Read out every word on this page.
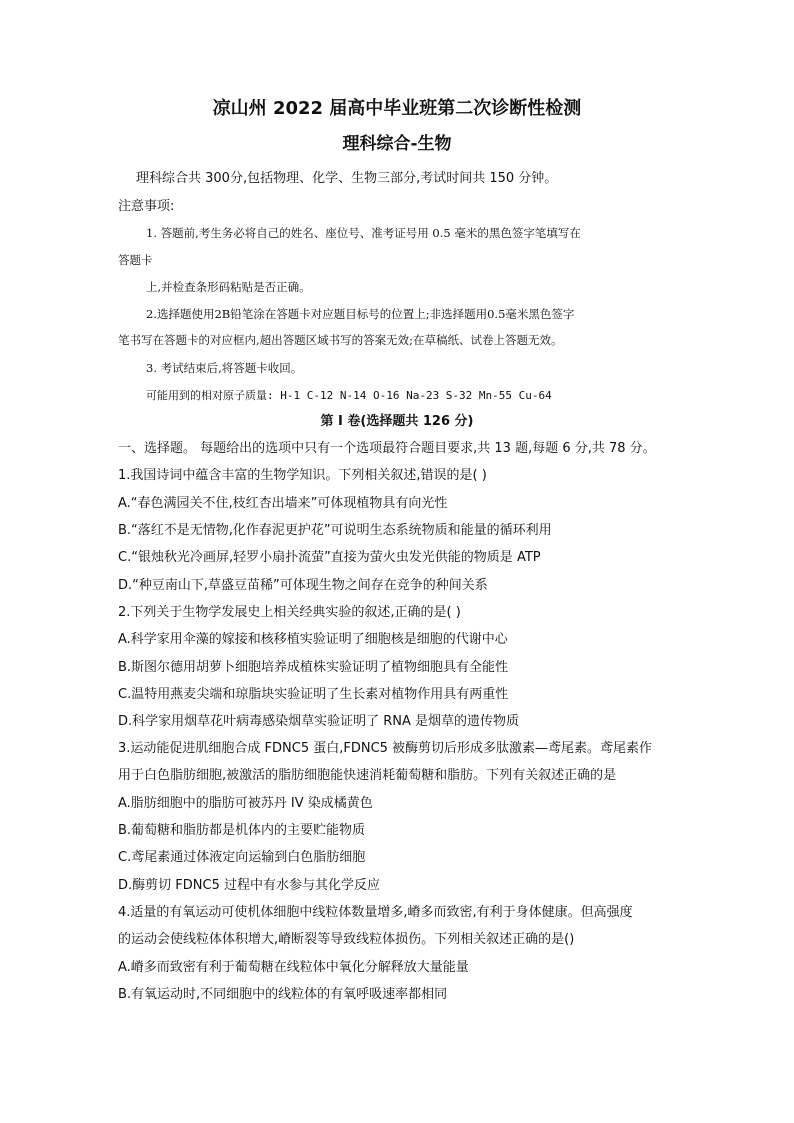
凉山州 2022 届高中毕业班第二次诊断性检测
理科综合-生物
理科综合共 300分,包括物理、化学、生物三部分,考试时间共 150 分钟。
注意事项:
1. 答题前,考生务必将自己的姓名、座位号、准考证号用 0.5 毫米的黑色签字笔填写在
答题卡
上,并检查条形码粘贴是否正确。
2.选择题使用2B铅笔涂在答题卡对应题目标号的位置上;非选择题用0.5毫米黑色签字
笔书写在答题卡的对应框内,超出答题区域书写的答案无效;在草稿纸、试卷上答题无效。
3. 考试结束后,将答题卡收回。
可能用到的相对原子质量: H-1 C-12 N-14 O-16 Na-23 S-32 Mn-55 Cu-64
第 I 卷(选择题共 126 分)
一、选择题。 每题给出的选项中只有一个选项最符合题目要求,共 13 题,每题 6 分,共 78 分。
1.我国诗词中蕴含丰富的生物学知识。下列相关叙述,错误的是( )
A.“春色满园关不住,枝红杏出墙来”可体现植物具有向光性
B.“落红不是无情物,化作春泥更护花”可说明生态系统物质和能量的循环利用
C.“银烛秋光冷画屏,轻罗小扇扑流萤”直接为萤火虫发光供能的物质是 ATP
D.“种豆南山下,草盛豆苗稀”可体现生物之间存在竞争的种间关系
2.下列关于生物学发展史上相关经典实验的叙述,正确的是( )
A.科学家用伞藻的嫁接和核移植实验证明了细胞核是细胞的代谢中心
B.斯图尔德用胡萝卜细胞培养成植株实验证明了植物细胞具有全能性
C.温特用燕麦尖端和琼脂块实验证明了生长素对植物作用具有两重性
D.科学家用烟草花叶病毒感染烟草实验证明了 RNA 是烟草的遗传物质
3.运动能促进肌细胞合成 FDNC5 蛋白,FDNC5 被酶剪切后形成多肽激素—鸢尾素。鸢尾素作
用于白色脂肪细胞,被激活的脂肪细胞能快速消耗葡萄糖和脂肪。下列有关叙述正确的是
A.脂肪细胞中的脂肪可被苏丹 IV 染成橘黄色
B.葡萄糖和脂肪都是机体内的主要贮能物质
C.鸢尾素通过体液定向运输到白色脂肪细胞
D.酶剪切 FDNC5 过程中有水参与其化学反应
4.适量的有氧运动可使机体细胞中线粒体数量增多,嵴多而致密,有利于身体健康。但高强度
的运动会使线粒体体积增大,嵴断裂等导致线粒体损伤。下列相关叙述正确的是()
A.嵴多而致密有利于葡萄糖在线粒体中氧化分解释放大量能量
B.有氧运动时,不同细胞中的线粒体的有氧呼吸速率都相同
